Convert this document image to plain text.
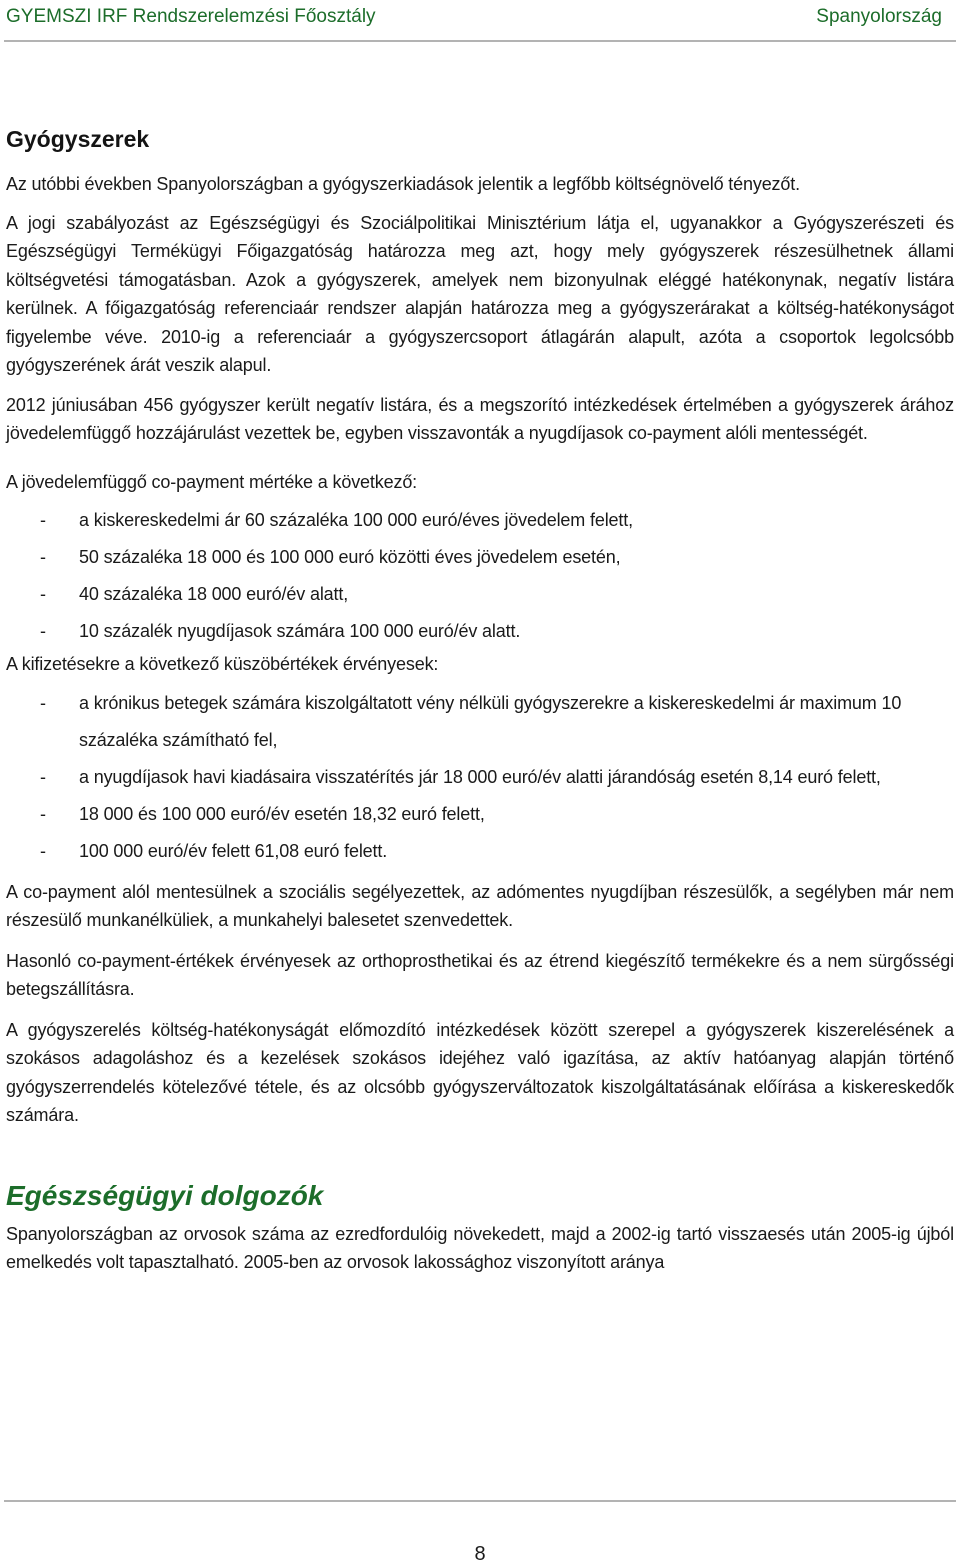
GYEMSZI IRF Rendszerelemzési Főosztály	Spanyolország
Gyógyszerek

Az utóbbi években Spanyolországban a gyógyszerkiadások jelentik a legfőbb költségnövelő tényezőt.

A jogi szabályozást az Egészségügyi és Szociálpolitikai Minisztérium látja el, ugyanakkor a Gyógyszerészeti és Egészségügyi Termékügyi Főigazgatóság határozza meg azt, hogy mely gyógyszerek részesülhetnek állami költségvetési támogatásban. Azok a gyógyszerek, amelyek nem bizonyulnak eléggé hatékonynak, negatív listára kerülnek. A főigazgatóság referenciaár rendszer alapján határozza meg a gyógyszerárakat a költség-hatékonyságot figyelembe véve. 2010-ig a referenciaár a gyógyszercsoport átlagárán alapult, azóta a csoportok legolcsóbb gyógyszerének árát veszik alapul.

2012 júniusában 456 gyógyszer került negatív listára, és a megszorító intézkedések értelmében a gyógyszerek árához jövedelemfüggő hozzájárulást vezettek be, egyben visszavonták a nyugdíjasok co-payment alóli mentességét.

A jövedelemfüggő co-payment mértéke a következő:

- a kiskereskedelmi ár 60 százaléka 100 000 euró/éves jövedelem felett,
- 50 százaléka 18 000 és 100 000 euró közötti éves jövedelem esetén,
- 40 százaléka 18 000 euró/év alatt,
- 10 százalék nyugdíjasok számára 100 000 euró/év alatt.

A kifizetésekre a következő küszöbértékek érvényesek:

- a krónikus betegek számára kiszolgáltatott vény nélküli gyógyszerekre a kiskereskedelmi ár maximum 10 százaléka számítható fel,
- a nyugdíjasok havi kiadásaira visszatérítés jár 18 000 euró/év alatti járandóság esetén 8,14 euró felett,
- 18 000 és 100 000 euró/év esetén 18,32 euró felett,
- 100 000 euró/év felett 61,08 euró felett.

A co-payment alól mentesülnek a szociális segélyezettek, az adómentes nyugdíjban részesülők, a segélyben már nem részesülő munkanélküliek, a munkahelyi balesetet szenvedettek.

Hasonló co-payment-értékek érvényesek az orthoprosthetikai és az étrend kiegészítő termékekre és a nem sürgősségi betegszállításra.

A gyógyszerelés költség-hatékonyságát előmozdító intézkedések között szerepel a gyógyszerek kiszerelésének a szokásos adagoláshoz és a kezelések szokásos idejéhez való igazítása, az aktív hatóanyag alapján történő gyógyszerrendelés kötelezővé tétele, és az olcsóbb gyógyszerváltozatok kiszolgáltatásának előírása a kiskereskedők számára.

Egészségügyi dolgozók

Spanyolországban az orvosok száma az ezredfordulóig növekedett, majd a 2002-ig tartó visszaesés után 2005-ig újból emelkedés volt tapasztalható. 2005-ben az orvosok lakossághoz viszonyított aránya

8
